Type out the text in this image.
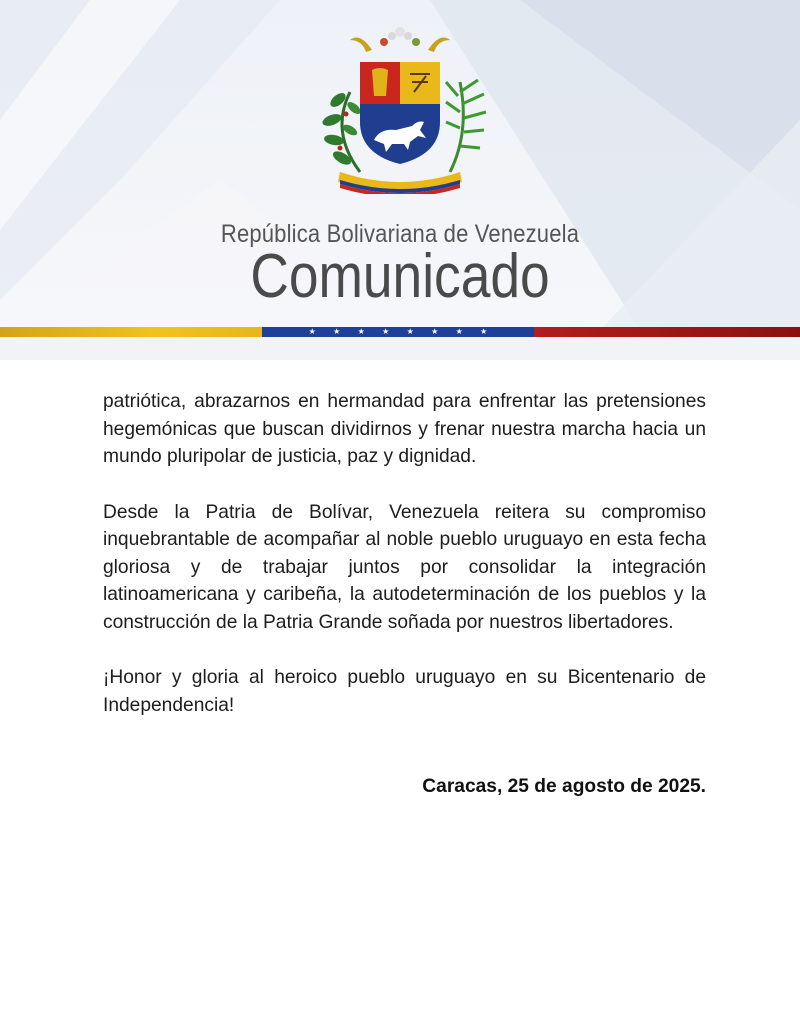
República Bolivariana de Venezuela
Comunicado
★ ★ ★ ★ ★ ★ ★ ★

patriótica, abrazarnos en hermandad para enfrentar las pretensiones hegemónicas que buscan dividirnos y frenar nuestra marcha hacia un mundo pluripolar de justicia, paz y dignidad.

Desde la Patria de Bolívar, Venezuela reitera su compromiso inquebrantable de acompañar al noble pueblo uruguayo en esta fecha gloriosa y de trabajar juntos por consolidar la integración latinoamericana y caribeña, la autodeterminación de los pueblos y la construcción de la Patria Grande soñada por nuestros libertadores.

¡Honor y gloria al heroico pueblo uruguayo en su Bicentenario de Independencia!

Caracas, 25 de agosto de 2025.
